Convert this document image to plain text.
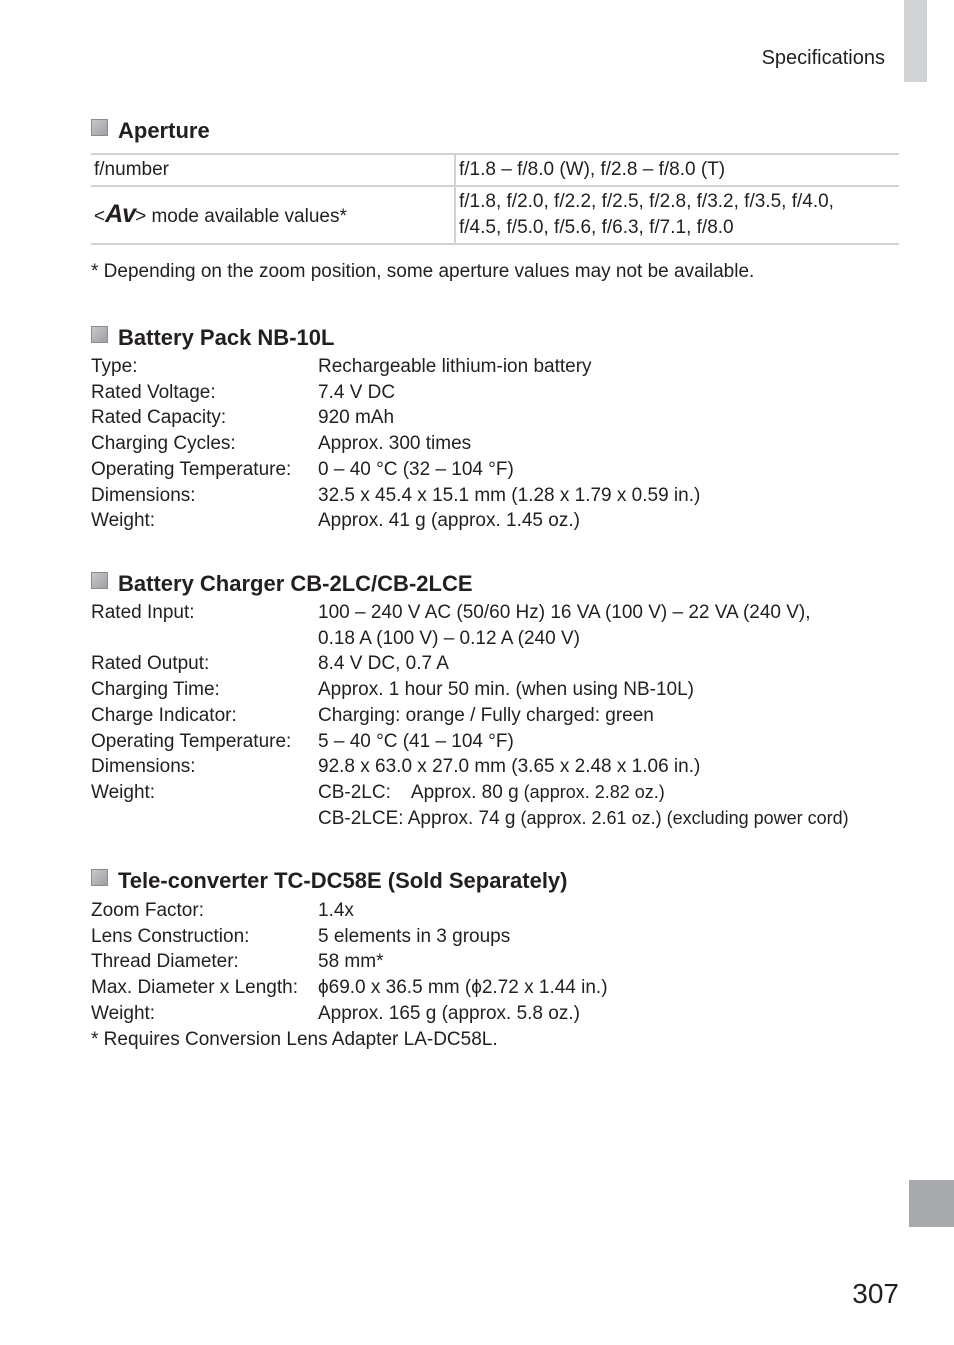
Specifications
Aperture
f/number	f/1.8 – f/8.0 (W), f/2.8 – f/8.0 (T)
<Av> mode available values*	f/1.8, f/2.0, f/2.2, f/2.5, f/2.8, f/3.2, f/3.5, f/4.0,
f/4.5, f/5.0, f/5.6, f/6.3, f/7.1, f/8.0
* Depending on the zoom position, some aperture values may not be available.
Battery Pack NB-10L
Type:	Rechargeable lithium-ion battery
Rated Voltage:	7.4 V DC
Rated Capacity:	920 mAh
Charging Cycles:	Approx. 300 times
Operating Temperature:	0 – 40 °C (32 – 104 °F)
Dimensions:	32.5 x 45.4 x 15.1 mm (1.28 x 1.79 x 0.59 in.)
Weight:	Approx. 41 g (approx. 1.45 oz.)
Battery Charger CB-2LC/CB-2LCE
Rated Input:	100 – 240 V AC (50/60 Hz) 16 VA (100 V) – 22 VA (240 V),
0.18 A (100 V) – 0.12 A (240 V)
Rated Output:	8.4 V DC, 0.7 A
Charging Time:	Approx. 1 hour 50 min. (when using NB-10L)
Charge Indicator:	Charging: orange / Fully charged: green
Operating Temperature:	5 – 40 °C (41 – 104 °F)
Dimensions:	92.8 x 63.0 x 27.0 mm (3.65 x 2.48 x 1.06 in.)
Weight:	CB-2LC:    Approx. 80 g (approx. 2.82 oz.)
CB-2LCE: Approx. 74 g (approx. 2.61 oz.) (excluding power cord)
Tele-converter TC-DC58E (Sold Separately)
Zoom Factor:	1.4x
Lens Construction:	5 elements in 3 groups
Thread Diameter:	58 mm*
Max. Diameter x Length:	ϕ69.0 x 36.5 mm (ϕ2.72 x 1.44 in.)
Weight:	Approx. 165 g (approx. 5.8 oz.)
* Requires Conversion Lens Adapter LA-DC58L.
307
